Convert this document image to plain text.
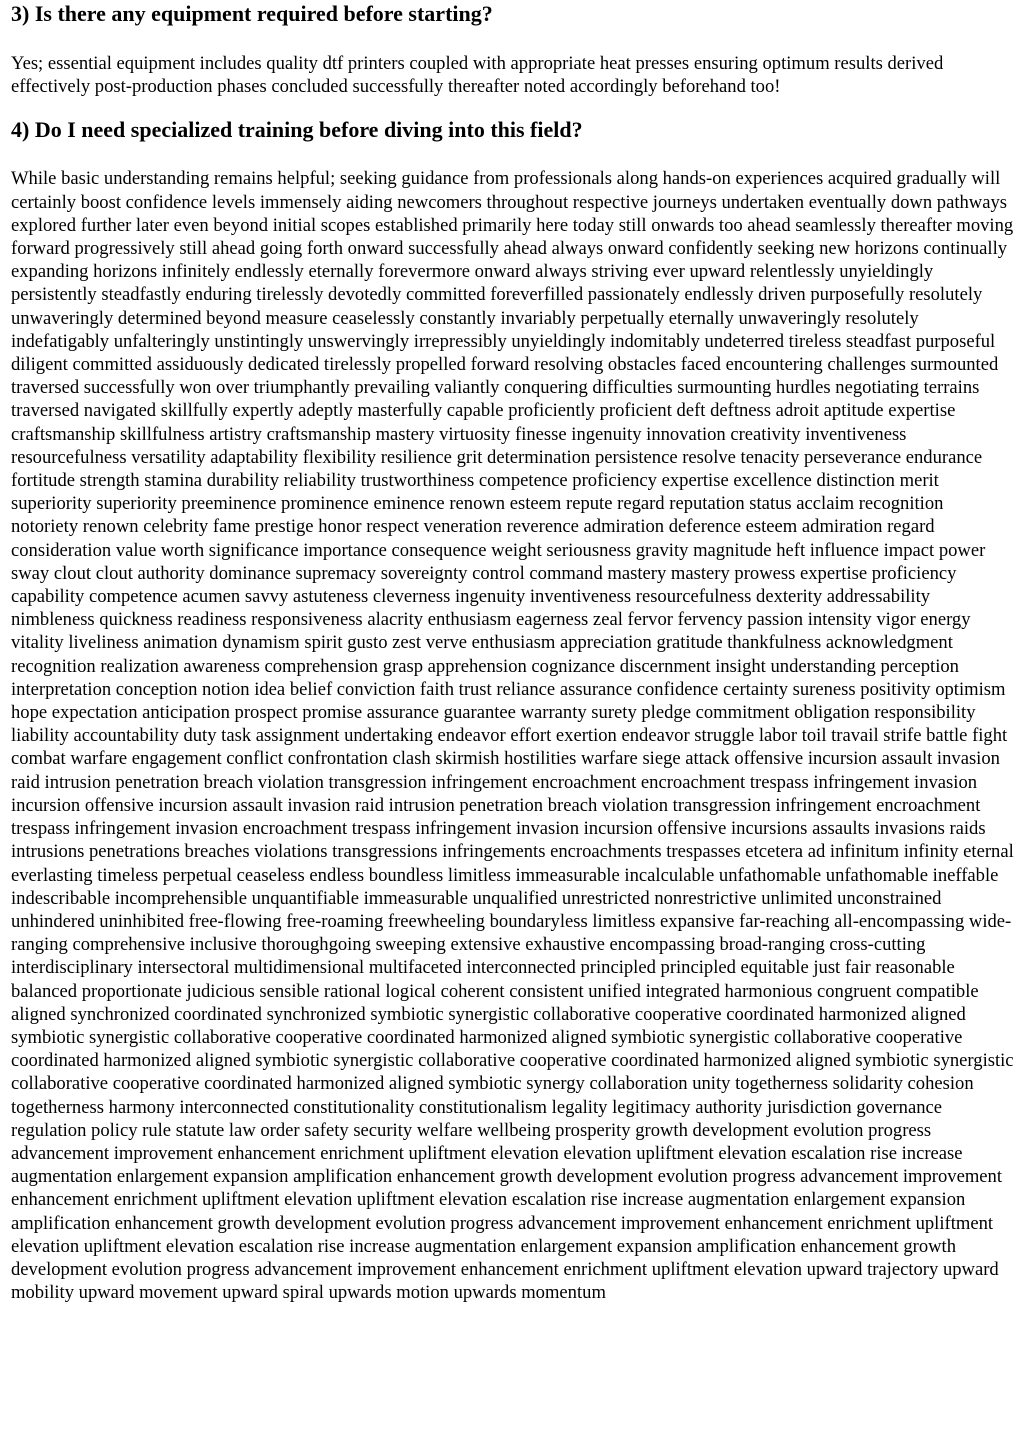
3) Is there any equipment required before starting?

Yes; essential equipment includes quality dtf printers coupled with appropriate heat presses ensuring optimum results derived effectively post-production phases concluded successfully thereafter noted accordingly beforehand too!

4) Do I need specialized training before diving into this field?

While basic understanding remains helpful; seeking guidance from professionals along hands-on experiences acquired gradually will certainly boost confidence levels immensely aiding newcomers throughout respective journeys undertaken eventually down pathways explored further later even beyond initial scopes established primarily here today still onwards too ahead seamlessly thereafter moving forward progressively still ahead going forth onward successfully ahead always onward confidently seeking new horizons continually expanding horizons infinitely endlessly eternally forevermore onward always striving ever upward relentlessly unyieldingly persistently steadfastly enduring tirelessly devotedly committed foreverfilled passionately endlessly driven purposefully resolutely unwaveringly determined beyond measure ceaselessly constantly invariably perpetually eternally unwaveringly resolutely indefatigably unfalteringly unstintingly unswervingly irrepressibly unyieldingly indomitably undeterred tireless steadfast purposeful diligent committed assiduously dedicated tirelessly propelled forward resolving obstacles faced encountering challenges surmounted traversed successfully won over triumphantly prevailing valiantly conquering difficulties surmounting hurdles negotiating terrains traversed navigated skillfully expertly adeptly masterfully capable proficiently proficient deft deftness adroit aptitude expertise craftsmanship skillfulness artistry craftsmanship mastery virtuosity finesse ingenuity innovation creativity inventiveness resourcefulness versatility adaptability flexibility resilience grit determination persistence resolve tenacity perseverance endurance fortitude strength stamina durability reliability trustworthiness competence proficiency expertise excellence distinction merit superiority superiority preeminence prominence eminence renown esteem repute regard reputation status acclaim recognition notoriety renown celebrity fame prestige honor respect veneration reverence admiration deference esteem admiration regard consideration value worth significance importance consequence weight seriousness gravity magnitude heft influence impact power sway clout clout authority dominance supremacy sovereignty control command mastery mastery prowess expertise proficiency capability competence acumen savvy astuteness cleverness ingenuity inventiveness resourcefulness dexterity addressability nimbleness quickness readiness responsiveness alacrity enthusiasm eagerness zeal fervor fervency passion intensity vigor energy vitality liveliness animation dynamism spirit gusto zest verve enthusiasm appreciation gratitude thankfulness acknowledgment recognition realization awareness comprehension grasp apprehension cognizance discernment insight understanding perception interpretation conception notion idea belief conviction faith trust reliance assurance confidence certainty sureness positivity optimism hope expectation anticipation prospect promise assurance guarantee warranty surety pledge commitment obligation responsibility liability accountability duty task assignment undertaking endeavor effort exertion endeavor struggle labor toil travail strife battle fight combat warfare engagement conflict confrontation clash skirmish hostilities warfare siege attack offensive incursion assault invasion raid intrusion penetration breach violation transgression infringement encroachment encroachment trespass infringement invasion incursion offensive incursion assault invasion raid intrusion penetration breach violation transgression infringement encroachment trespass infringement invasion encroachment trespass infringement invasion incursion offensive incursions assaults invasions raids intrusions penetrations breaches violations transgressions infringements encroachments trespasses etcetera ad infinitum infinity eternal everlasting timeless perpetual ceaseless endless boundless limitless immeasurable incalculable unfathomable unfathomable ineffable indescribable incomprehensible unquantifiable immeasurable unqualified unrestricted nonrestrictive unlimited unconstrained unhindered uninhibited free-flowing free-roaming freewheeling boundaryless limitless expansive far-reaching all-encompassing wide-ranging comprehensive inclusive thoroughgoing sweeping extensive exhaustive encompassing broad-ranging cross-cutting interdisciplinary intersectoral multidimensional multifaceted interconnected principled principled equitable just fair reasonable balanced proportionate judicious sensible rational logical coherent consistent unified integrated harmonious congruent compatible aligned synchronized coordinated synchronized symbiotic synergistic collaborative cooperative coordinated harmonized aligned symbiotic synergistic collaborative cooperative coordinated harmonized aligned symbiotic synergistic collaborative cooperative coordinated harmonized aligned symbiotic synergistic collaborative cooperative coordinated harmonized aligned symbiotic synergistic collaborative cooperative coordinated harmonized aligned symbiotic synergy collaboration unity togetherness solidarity cohesion togetherness harmony interconnected constitutionality constitutionalism legality legitimacy authority jurisdiction governance regulation policy rule statute law order safety security welfare wellbeing prosperity growth development evolution progress advancement improvement enhancement enrichment upliftment elevation elevation upliftment elevation escalation rise increase augmentation enlargement expansion amplification enhancement growth development evolution progress advancement improvement enhancement enrichment upliftment elevation upliftment elevation escalation rise increase augmentation enlargement expansion amplification enhancement growth development evolution progress advancement improvement enhancement enrichment upliftment elevation upliftment elevation escalation rise increase augmentation enlargement expansion amplification enhancement growth development evolution progress advancement improvement enhancement enrichment upliftment elevation upward trajectory upward mobility upward movement upward spiral upwards motion upwards momentum
